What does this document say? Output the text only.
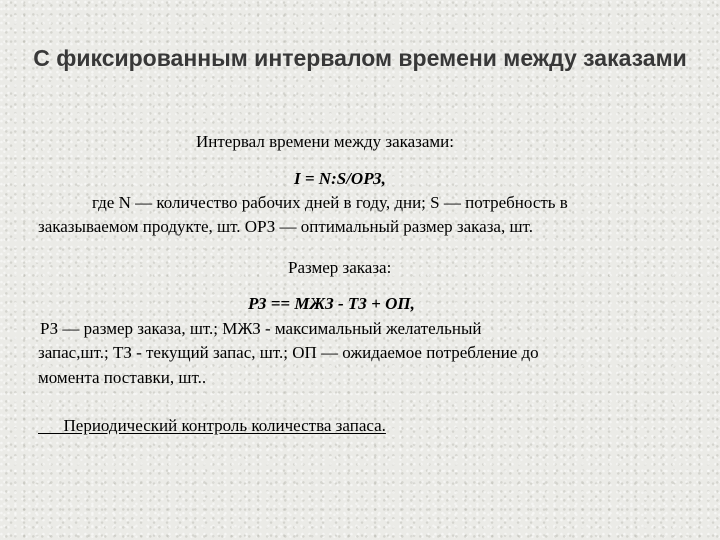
С фиксированным интервалом времени между заказами

Интервал времени между заказами:

I = N:S/ОРЗ,

где N — количество рабочих дней в году, дни; S — потребность в

заказываемом продукте, шт. ОРЗ — оптимальный размер заказа, шт.

Размер заказа:

РЗ == МЖЗ - ТЗ + ОП,

РЗ — размер заказа, шт.; МЖЗ - максимальный желательный

запас,шт.; ТЗ - текущий запас, шт.; ОП — ожидаемое потребление до

момента поставки, шт..

Периодический контроль количества запаса.
